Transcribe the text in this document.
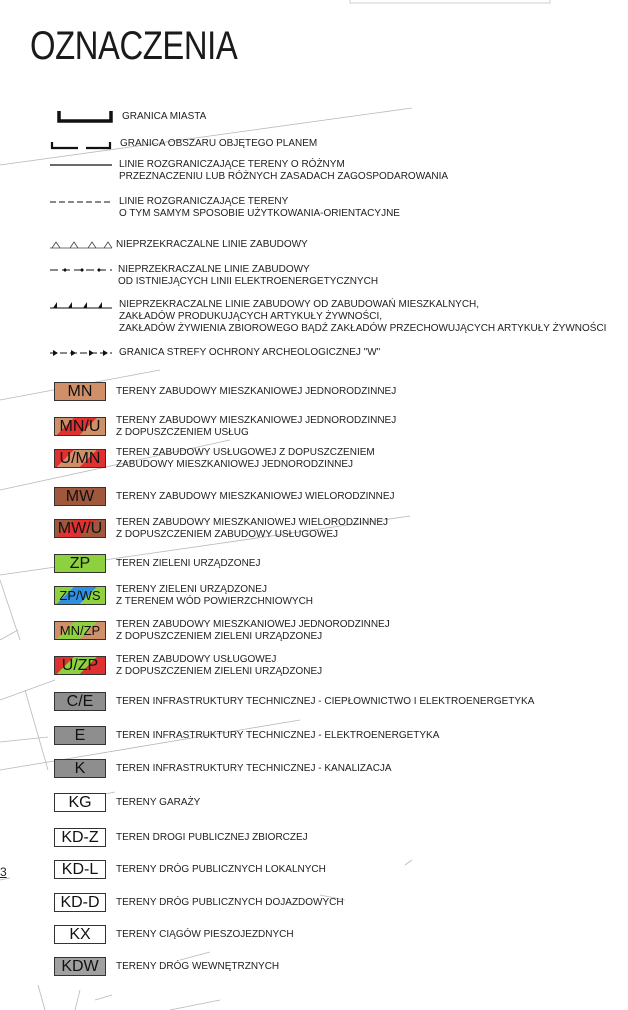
OZNACZENIA
GRANICA MIASTA
GRANICA OBSZARU OBJĘTEGO PLANEM
LINIE ROZGRANICZAJĄCE TERENY O RÓŻNYM
PRZEZNACZENIU LUB RÓŻNYCH ZASADACH ZAGOSPODAROWANIA
LINIE ROZGRANICZAJĄCE TERENY
O TYM SAMYM SPOSOBIE UŻYTKOWANIA-ORIENTACYJNE
NIEPRZEKRACZALNE LINIE ZABUDOWY
NIEPRZEKRACZALNE LINIE ZABUDOWY
OD ISTNIEJĄCYCH LINII ELEKTROENERGETYCZNYCH
NIEPRZEKRACZALNE LINIE ZABUDOWY OD ZABUDOWAŃ MIESZKALNYCH,
ZAKŁADÓW PRODUKUJĄCYCH ARTYKUŁY ŻYWNOŚCI,
ZAKŁADÓW ŻYWIENIA ZBIOROWEGO BĄDŹ ZAKŁADÓW PRZECHOWUJĄCYCH ARTYKUŁY ŻYWNOŚCI
GRANICA STREFY OCHRONY ARCHEOLOGICZNEJ "W"
MN	TERENY ZABUDOWY MIESZKANIOWEJ JEDNORODZINNEJ
MN/U	TERENY ZABUDOWY MIESZKANIOWEJ JEDNORODZINNEJ
Z DOPUSZCZENIEM USŁUG
U/MN	TEREN ZABUDOWY USŁUGOWEJ Z DOPUSZCZENIEM
ZABUDOWY MIESZKANIOWEJ JEDNORODZINNEJ
MW	TERENY ZABUDOWY MIESZKANIOWEJ WIELORODZINNEJ
MW/U	TEREN ZABUDOWY MIESZKANIOWEJ WIELORODZINNEJ
Z DOPUSZCZENIEM ZABUDOWY USŁUGOWEJ
ZP	TEREN ZIELENI URZĄDZONEJ
ZP/WS	TERENY ZIELENI URZĄDZONEJ
Z TERENEM WÓD POWIERZCHNIOWYCH
MN/ZP	TEREN ZABUDOWY MIESZKANIOWEJ JEDNORODZINNEJ
Z DOPUSZCZENIEM ZIELENI URZĄDZONEJ
U/ZP	TEREN ZABUDOWY USŁUGOWEJ
Z DOPUSZCZENIEM ZIELENI URZĄDZONEJ
C/E	TEREN INFRASTRUKTURY TECHNICZNEJ - CIEPŁOWNICTWO I ELEKTROENERGETYKA
E	TEREN INFRASTRUKTURY TECHNICZNEJ - ELEKTROENERGETYKA
K	TEREN INFRASTRUKTURY TECHNICZNEJ - KANALIZACJA
KG	TERENY GARAŻY
KD-Z	TEREN DROGI PUBLICZNEJ ZBIORCZEJ
KD-L	TERENY DRÓG PUBLICZNYCH LOKALNYCH
KD-D	TERENY DRÓG PUBLICZNYCH DOJAZDOWYCH
KX	TERENY CIĄGÓW PIESZOJEZDNYCH
KDW	TERENY DRÓG WEWNĘTRZNYCH
3
